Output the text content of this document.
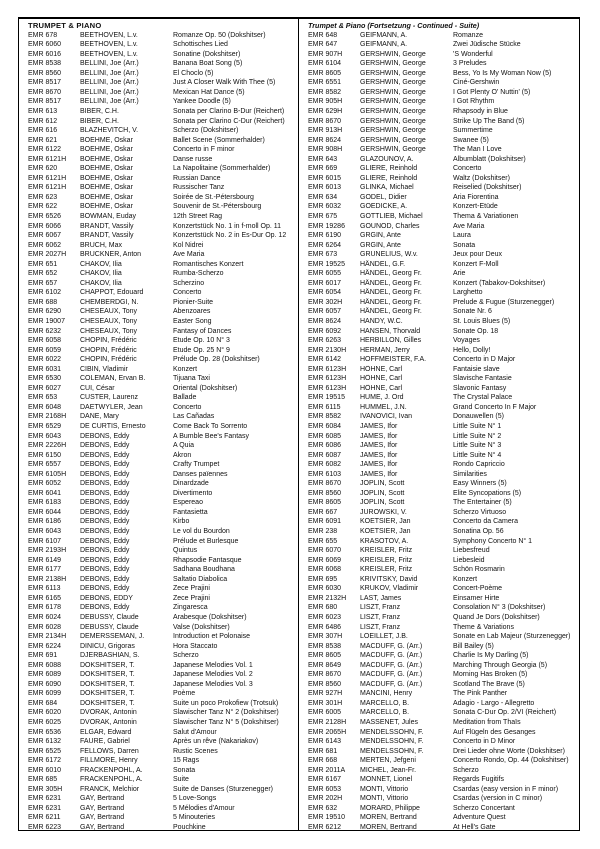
TRUMPET & PIANO
EMR 678	BEETHOVEN, L.v.	Romanze Op. 50 (Dokshitser)
EMR 6060	BEETHOVEN, L.v.	Schottisches Lied
EMR 6016	BEETHOVEN, L.v.	Sonatine (Dokshitser)
EMR 8538	BELLINI, Joe (Arr.)	Banana Boat Song (5)
EMR 8560	BELLINI, Joe (Arr.)	El Choclo (5)
EMR 8517	BELLINI, Joe (Arr.)	Just A Closer Walk With Thee (5)
EMR 8670	BELLINI, Joe (Arr.)	Mexican Hat Dance (5)
EMR 8517	BELLINI, Joe (Arr.)	Yankee Doodle (5)
EMR 613	BIBER, C.H.	Sonata per Clarino B-Dur (Reichert)
EMR 612	BIBER, C.H.	Sonata per Clarino C-Dur (Reichert)
EMR 616	BLAZHEVITCH, V.	Scherzo (Dokshitser)
EMR 621	BOEHME, Oskar	Ballet Scene (Sommerhalder)
EMR 6122	BOEHME, Oskar	Concerto in F minor
EMR 6121H	BOEHME, Oskar	Danse russe
EMR 620	BOEHME, Oskar	La Napolitaine (Sommerhalder)
EMR 6121H	BOEHME, Oskar	Russian Dance
EMR 6121H	BOEHME, Oskar	Russischer Tanz
EMR 623	BOEHME, Oskar	Soirée de St.-Pétersbourg
EMR 622	BOEHME, Oskar	Souvenir de St.-Pétersbourg
EMR 6526	BOWMAN, Euday	12th Street Rag
EMR 6066	BRANDT, Vassily	Konzertstück No. 1 in f-moll Op. 11
EMR 6067	BRANDT, Vassily	Konzertstück No. 2 in Es-Dur Op. 12
EMR 6062	BRUCH, Max	Kol Nidrei
EMR 2027H	BRUCKNER, Anton	Ave Maria
EMR 651	CHAKOV, Ilia	Romantisches Konzert
EMR 652	CHAKOV, Ilia	Rumba-Scherzo
EMR 657	CHAKOV, Ilia	Scherzino
EMR 6102	CHAPPOT, Edouard	Concerto
EMR 688	CHEMBERDGI, N.	Pionier-Suite
EMR 6290	CHESEAUX, Tony	Abenzoares
EMR 19007	CHESEAUX, Tony	Easter Song
EMR 6232	CHESEAUX, Tony	Fantasy of Dances
EMR 6058	CHOPIN, Frédéric	Etude Op. 10 N° 3
EMR 6059	CHOPIN, Frédéric	Etude Op. 25 N° 9
EMR 6022	CHOPIN, Frédéric	Prélude Op. 28 (Dokshitser)
EMR 6031	CIBIN, Vladimir	Konzert
EMR 6530	COLEMAN, Ervan B.	Tijuana Taxi
EMR 6027	CUI, César	Oriental (Dokshitser)
EMR 653	CUSTER, Laurenz	Ballade
EMR 6048	DAETWYLER, Jean	Concerto
EMR 2168H	DANE, Mary	Las Cañadas
EMR 6529	DE CURTIS, Ernesto	Come Back To Sorrento
EMR 6043	DEBONS, Eddy	A Bumble Bee's Fantasy
EMR 2226H	DEBONS, Eddy	A Quia
EMR 6150	DEBONS, Eddy	Akron
EMR 6557	DEBONS, Eddy	Crafty Trumpet
EMR 6105H	DEBONS, Eddy	Danses païennes
EMR 6052	DEBONS, Eddy	Dinardzade
EMR 6041	DEBONS, Eddy	Divertimento
EMR 6183	DEBONS, Eddy	Espereao
EMR 6044	DEBONS, Eddy	Fantasietta
EMR 6186	DEBONS, Eddy	Kirbo
EMR 6043	DEBONS, Eddy	Le vol du Bourdon
EMR 6107	DEBONS, Eddy	Prélude et Burlesque
EMR 2193H	DEBONS, Eddy	Quintus
EMR 6149	DEBONS, Eddy	Rhapsodie Fantasque
EMR 6177	DEBONS, Eddy	Sadhana Boudhana
EMR 2138H	DEBONS, Eddy	Saltatio Diabolica
EMR 6113	DEBONS, Eddy	Zece Prajini
EMR 6165	DEBONS, EDDY	Zece Prajini
EMR 6178	DEBONS, Eddy	Zingaresca
EMR 6024	DEBUSSY, Claude	Arabesque (Dokshitser)
EMR 6028	DEBUSSY, Claude	Valse (Dokshitser)
EMR 2134H	DEMERSSEMAN, J.	Introduction et Polonaise
EMR 6224	DINICU, Grigoras	Hora Staccato
EMR 691	DJERBASHIAN, S.	Scherzo
EMR 6088	DOKSHITSER, T.	Japanese Melodies Vol. 1
EMR 6089	DOKSHITSER, T.	Japanese Melodies Vol. 2
EMR 6090	DOKSHITSER, T.	Japanese Melodies Vol. 3
EMR 6099	DOKSHITSER, T.	Poème
EMR 684	DOKSHITSER, T.	Suite un poco Prokofiew (Trotsuk)
EMR 6020	DVORAK, Antonin	Slawischer Tanz N° 2 (Dokshitser)
EMR 6025	DVORAK, Antonin	Slawischer Tanz N° 5 (Dokshitser)
EMR 6536	ELGAR, Edward	Salut d'Amour
EMR 6132	FAURE, Gabriel	Après un rêve (Nakariakov)
EMR 6525	FELLOWS, Darren	Rustic Scenes
EMR 6172	FILLMORE, Henry	15 Rags
EMR 6010	FRACKENPOHL, A.	Sonata
EMR 685	FRACKENPOHL, A.	Suite
EMR 305H	FRANCK, Melchior	Suite de Danses (Sturzenegger)
EMR 6231	GAY, Bertrand	5 Love-Songs
EMR 6231	GAY, Bertrand	5 Mélodies d'Amour
EMR 6211	GAY, Bertrand	5 Minouteries
EMR 6223	GAY, Bertrand	Pouchkine
Trumpet & Piano (Fortsetzung - Continued - Suite)
EMR 648	GEIFMANN, A.	Romanze
EMR 647	GEIFMANN, A.	Zwei Jüdische Stücke
EMR 907H	GERSHWIN, George	'S Wonderful
EMR 6104	GERSHWIN, George	3 Preludes
EMR 8605	GERSHWIN, George	Bess, Yo Is My Woman Now (5)
EMR 6551	GERSHWIN, George	Ciné-Gershwin
EMR 8582	GERSHWIN, George	I Got Plenty O' Nuttin' (5)
EMR 905H	GERSHWIN, George	I Got Rhythm
EMR 629H	GERSHWIN, George	Rhapsody in Blue
EMR 8670	GERSHWIN, George	Strike Up The Band (5)
EMR 913H	GERSHWIN, George	Summertime
EMR 8624	GERSHWIN, George	Swanee (5)
EMR 908H	GERSHWIN, George	The Man I Love
EMR 643	GLAZOUNOV, A.	Albumblatt (Dokshitser)
EMR 669	GLIERE, Reinhold	Concerto
EMR 6015	GLIERE, Reinhold	Waltz (Dokshitser)
EMR 6013	GLINKA, Michael	Reiselied (Dokshitser)
EMR 634	GODEL, Didier	Aria Fiorentina
EMR 6032	GOEDICKE, A.	Konzert-Etüde
EMR 675	GOTTLIEB, Michael	Thema & Variationen
EMR 19286	GOUNOD, Charles	Ave Maria
EMR 6190	GRGIN, Ante	Laura
EMR 6264	GRGIN, Ante	Sonata
EMR 673	GRUNELIUS, W.v.	Jeux pour Deux
EMR 19525	HÄNDEL, G.F.	Konzert F-Moll
EMR 6055	HÄNDEL, Georg Fr.	Arie
EMR 6017	HÄNDEL, Georg Fr.	Konzert (Tabakov-Dokshitser)
EMR 6054	HÄNDEL, Georg Fr.	Larghetto
EMR 302H	HÄNDEL, Georg Fr.	Prelude & Fugue (Sturzenegger)
EMR 6057	HÄNDEL, Georg Fr.	Sonate Nr. 6
EMR 8624	HANDY, W.C.	St. Louis Blues (5)
EMR 6092	HANSEN, Thorvald	Sonate Op. 18
EMR 6263	HERBILLON, Gilles	Voyages
EMR 2130H	HERMAN, Jerry	Hello, Dolly!
EMR 6142	HOFFMEISTER, F.A.	Concerto in D Major
EMR 6123H	HÖHNE, Carl	Fantaisie slave
EMR 6123H	HÖHNE, Carl	Slavische Fantasie
EMR 6123H	HÖHNE, Carl	Slavonic Fantasy
EMR 19515	HUME, J. Ord	The Crystal Palace
EMR 6115	HUMMEL, J.N.	Grand Concerto In F Major
EMR 8582	IVANOVICI, Ivan	Donauwellen (5)
EMR 6084	JAMES, Ifor	Little Suite N° 1
EMR 6085	JAMES, Ifor	Little Suite N° 2
EMR 6086	JAMES, Ifor	Little Suite N° 3
EMR 6087	JAMES, Ifor	Little Suite N° 4
EMR 6082	JAMES, Ifor	Rondo Capriccio
EMR 6103	JAMES, Ifor	Similarities
EMR 8670	JOPLIN, Scott	Easy Winners (5)
EMR 8560	JOPLIN, Scott	Elite Syncopations (5)
EMR 8605	JOPLIN, Scott	The Entertainer (5)
EMR 667	JUROWSKI, V.	Scherzo Virtuoso
EMR 6091	KOETSIER, Jan	Concerto da Camera
EMR 238	KOETSIER, Jan	Sonatina Op. 56
EMR 655	KRASOTOV, A.	Symphony Concerto N° 1
EMR 6070	KREISLER, Fritz	Liebesfreud
EMR 6069	KREISLER, Fritz	Liebesleid
EMR 6068	KREISLER, Fritz	Schön Rosmarin
EMR 695	KRIVITSKY, David	Konzert
EMR 6030	KRUKOV, Vladimir	Concert-Poème
EMR 2132H	LAST, James	Einsamer Hirte
EMR 680	LISZT, Franz	Consolation N° 3 (Dokshitser)
EMR 6023	LISZT, Franz	Quand Je Dors (Dokshitser)
EMR 6486	LISZT, Franz	Theme & Variations
EMR 307H	LOEILLET, J.B.	Sonate en Lab Majeur (Sturzenegger)
EMR 8538	MACDUFF, G. (Arr.)	Bill Bailey (5)
EMR 8605	MACDUFF, G. (Arr.)	Charlie Is My Darling (5)
EMR 8649	MACDUFF, G. (Arr.)	Marching Through Georgia (5)
EMR 8670	MACDUFF, G. (Arr.)	Morning Has Broken (5)
EMR 8560	MACDUFF, G. (Arr.)	Scotland The Brave (5)
EMR 927H	MANCINI, Henry	The Pink Panther
EMR 301H	MARCELLO, B.	Adagio - Largo - Allegretto
EMR 6005	MARCELLO, B.	Sonata C-Dur Op. 2/VI (Reichert)
EMR 2128H	MASSENET, Jules	Meditation from Thaïs
EMR 2065H	MENDELSSOHN, F.	Auf Flügeln des Gesanges
EMR 6143	MENDELSSOHN, F.	Concerto in D Minor
EMR 681	MENDELSSOHN, F.	Drei Lieder ohne Worte (Dokshitser)
EMR 668	MERTEN, Jefgeni	Concerto Rondo, Op. 44 (Dokshitser)
EMR 2011A	MICHEL, Jean-Fr.	Scherzo
EMR 6167	MONNET, Lionel	Regards Fugitifs
EMR 6053	MONTI, Vittorio	Csardas (easy version in F minor)
EMR 202H	MONTI, Vittorio	Csardas (version in C minor)
EMR 632	MORARD, Philippe	Scherzo Concertant
EMR 19510	MOREN, Bertrand	Adventure Quest
EMR 6212	MOREN, Bertrand	At Hell's Gate
